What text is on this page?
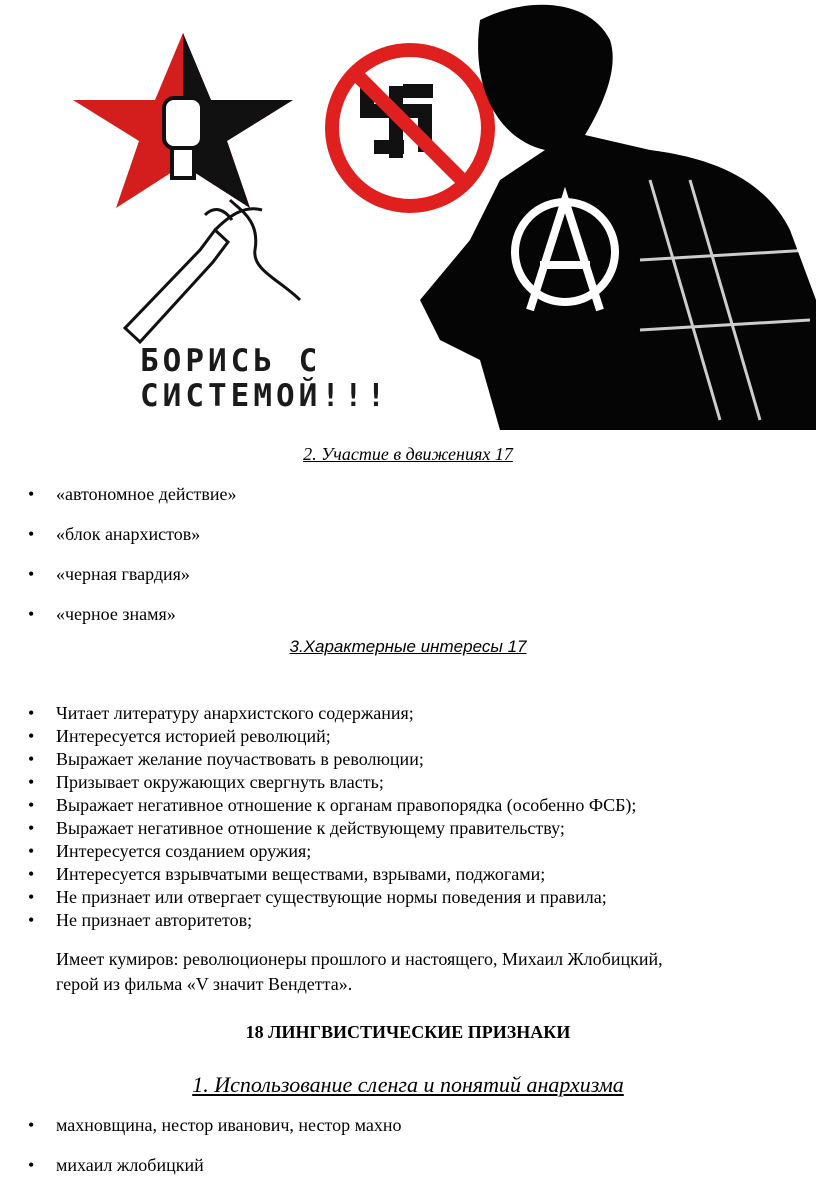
БОРИСЬ С
СИСТЕМОЙ!!!
2. Участие в движениях 17
• «автономное действие»
• «блок анархистов»
• «черная гвардия»
• «черное знамя»
3.Характерные интересы 17
• Читает литературу анархистского содержания;
• Интересуется историей революций;
• Выражает желание поучаствовать в революции;
• Призывает окружающих свергнуть власть;
• Выражает негативное отношение к органам правопорядка (особенно ФСБ);
• Выражает негативное отношение к действующему правительству;
• Интересуется созданием оружия;
• Интересуется взрывчатыми веществами, взрывами, поджогами;
• Не признает или отвергает существующие нормы поведения и правила;
• Не признает авторитетов;
Имеет кумиров: революционеры прошлого и настоящего, Михаил Жлобицкий,
герой из фильма «V значит Вендетта».
18 ЛИНГВИСТИЧЕСКИЕ ПРИЗНАКИ
1. Использование сленга и понятий анархизма
• махновщина, нестор иванович, нестор махно
• михаил жлобицкий
